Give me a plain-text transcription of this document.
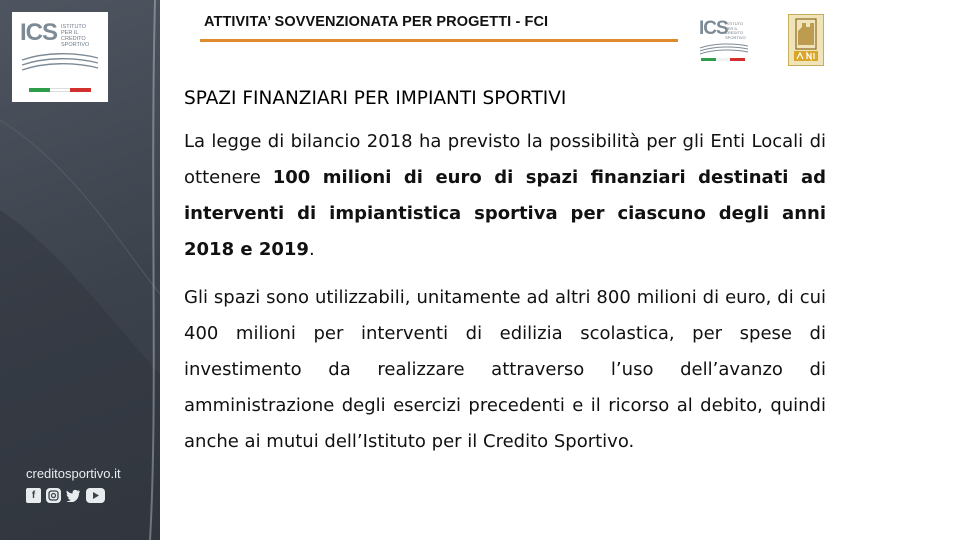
ICS ISTITUTO PER IL CREDITO SPORTIVO
creditosportivo.it
f
ATTIVITA’ SOVVENZIONATA PER PROGETTI - FCI	ICS
ISTITUTO PER IL CREDITO SPORTIVO
SPAZI FINANZIARI PER IMPIANTI SPORTIVI
La legge di bilancio 2018 ha previsto la possibilità per gli Enti Locali di ottenere 100 milioni di euro di spazi finanziari destinati ad interventi di impiantistica sportiva per ciascuno degli anni 2018 e 2019.
Gli spazi sono utilizzabili, unitamente ad altri 800 milioni di euro, di cui 400 milioni per interventi di edilizia scolastica, per spese di investimento da realizzare attraverso l’uso dell’avanzo di amministrazione degli esercizi precedenti e il ricorso al debito, quindi anche ai mutui dell’Istituto per il Credito Sportivo.
